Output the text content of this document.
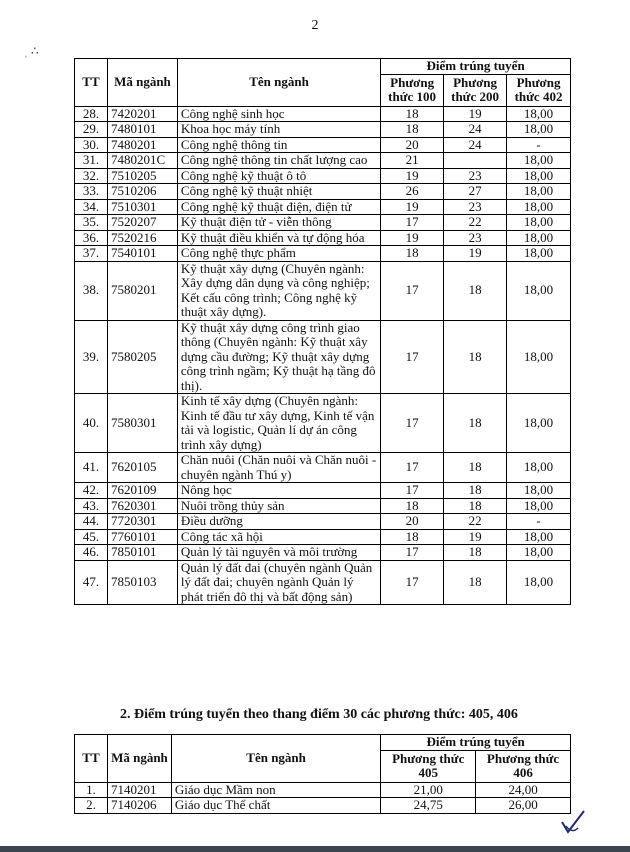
2
ˌ ∴
TT	Mã ngành	Tên ngành	Điểm trúng tuyển		
			Phương thức 100	Phương thức 200	Phương thức 402
28.	7420201	Công nghệ sinh học	18	19	18,00
29.	7480101	Khoa học máy tính	18	24	18,00
30.	7480201	Công nghệ thông tin	20	24	-
31.	7480201C	Công nghệ thông tin chất lượng cao	21		18,00
32.	7510205	Công nghệ kỹ thuật ô tô	19	23	18,00
33.	7510206	Công nghệ kỹ thuật nhiệt	26	27	18,00
34.	7510301	Công nghệ kỹ thuật điện, điện tử	19	23	18,00
35.	7520207	Kỹ thuật điện tử - viễn thông	17	22	18,00
36.	7520216	Kỹ thuật điều khiển và tự động hóa	19	23	18,00
37.	7540101	Công nghệ thực phẩm	18	19	18,00
38.	7580201	Kỹ thuật xây dựng (Chuyên ngành: Xây dựng dân dụng và công nghiệp; Kết cấu công trình; Công nghệ kỹ thuật xây dựng).	17	18	18,00
39.	7580205	Kỹ thuật xây dựng công trình giao thông (Chuyên ngành: Kỹ thuật xây dựng cầu đường; Kỹ thuật xây dựng công trình ngầm; Kỹ thuật hạ tầng đô thị).	17	18	18,00
40.	7580301	Kinh tế xây dựng (Chuyên ngành: Kinh tế đầu tư xây dựng, Kinh tế vận tải và logistic, Quản lí dự án công trình xây dựng)	17	18	18,00
41.	7620105	Chăn nuôi (Chăn nuôi và Chăn nuôi - chuyên ngành Thú y)	17	18	18,00
42.	7620109	Nông học	17	18	18,00
43.	7620301	Nuôi trồng thủy sản	18	18	18,00
44.	7720301	Điều dưỡng	20	22	-
45.	7760101	Công tác xã hội	18	19	18,00
46.	7850101	Quản lý tài nguyên và môi trường	17	18	18,00
47.	7850103	Quản lý đất đai (chuyên ngành Quản lý đất đai; chuyên ngành Quản lý phát triển đô thị và bất động sản)	17	18	18,00
2. Điểm trúng tuyển theo thang điểm 30 các phương thức: 405, 406
TT	Mã ngành	Tên ngành	Điểm trúng tuyển	
			Phương thức 405	Phương thức 406
1.	7140201	Giáo dục Mầm non	21,00	24,00
2.	7140206	Giáo dục Thể chất	24,75	26,00
